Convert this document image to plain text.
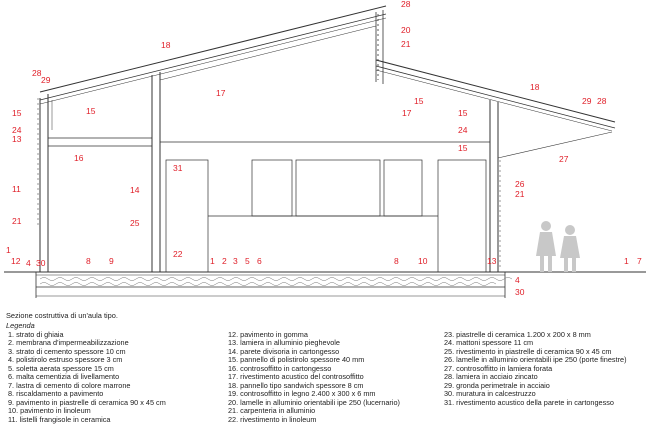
28
20
21
18
17
28
29
15	15
24
13
16
11
21
14
25
31
22
18
29 28
15
17	15
24
15
27
26
21
1
12 4 30	8 9	1 2 3 5 6	8 10	13
4
30
1 7
Sezione costruttiva di un'aula tipo.
Legenda
1. strato di ghiaia
2. membrana d'impermeabilizzazione
3. strato di cemento spessore 10 cm
4. polistirolo estruso spessore 3 cm
5. soletta aerata spessore 15 cm
6. malta cementizia di livellamento
7. lastra di cemento di colore marrone
8. riscaldamento a pavimento
9. pavimento in piastrelle di ceramica 90 x 45 cm
10. pavimento in linoleum
11. listelli frangisole in ceramica
12. pavimento in gomma
13. lamiera in alluminio pieghevole
14. parete divisoria in cartongesso
15. pannello di polistirolo spessore 40 mm
16. controsoffitto in cartongesso
17. rivestimento acustico del controsoffitto
18. pannello tipo sandwich spessore 8 cm
19. controsoffitto in legno 2.400 x 300 x 6 mm
20. lamelle in alluminio orientabili ipe 250 (lucernario)
21. carpenteria in alluminio
22. rivestimento in linoleum
23. piastrelle di ceramica 1.200 x 200 x 8 mm
24. mattoni spessore 11 cm
25. rivestimento in piastrelle di ceramica 90 x 45 cm
26. lamelle in alluminio orientabili ipe 250 (porte finestre)
27. controsoffitto in lamiera forata
28. lamiera in acciaio zincato
29. gronda perimetrale in acciaio
30. muratura in calcestruzzo
31. rivestimento acustico della parete in cartongesso
